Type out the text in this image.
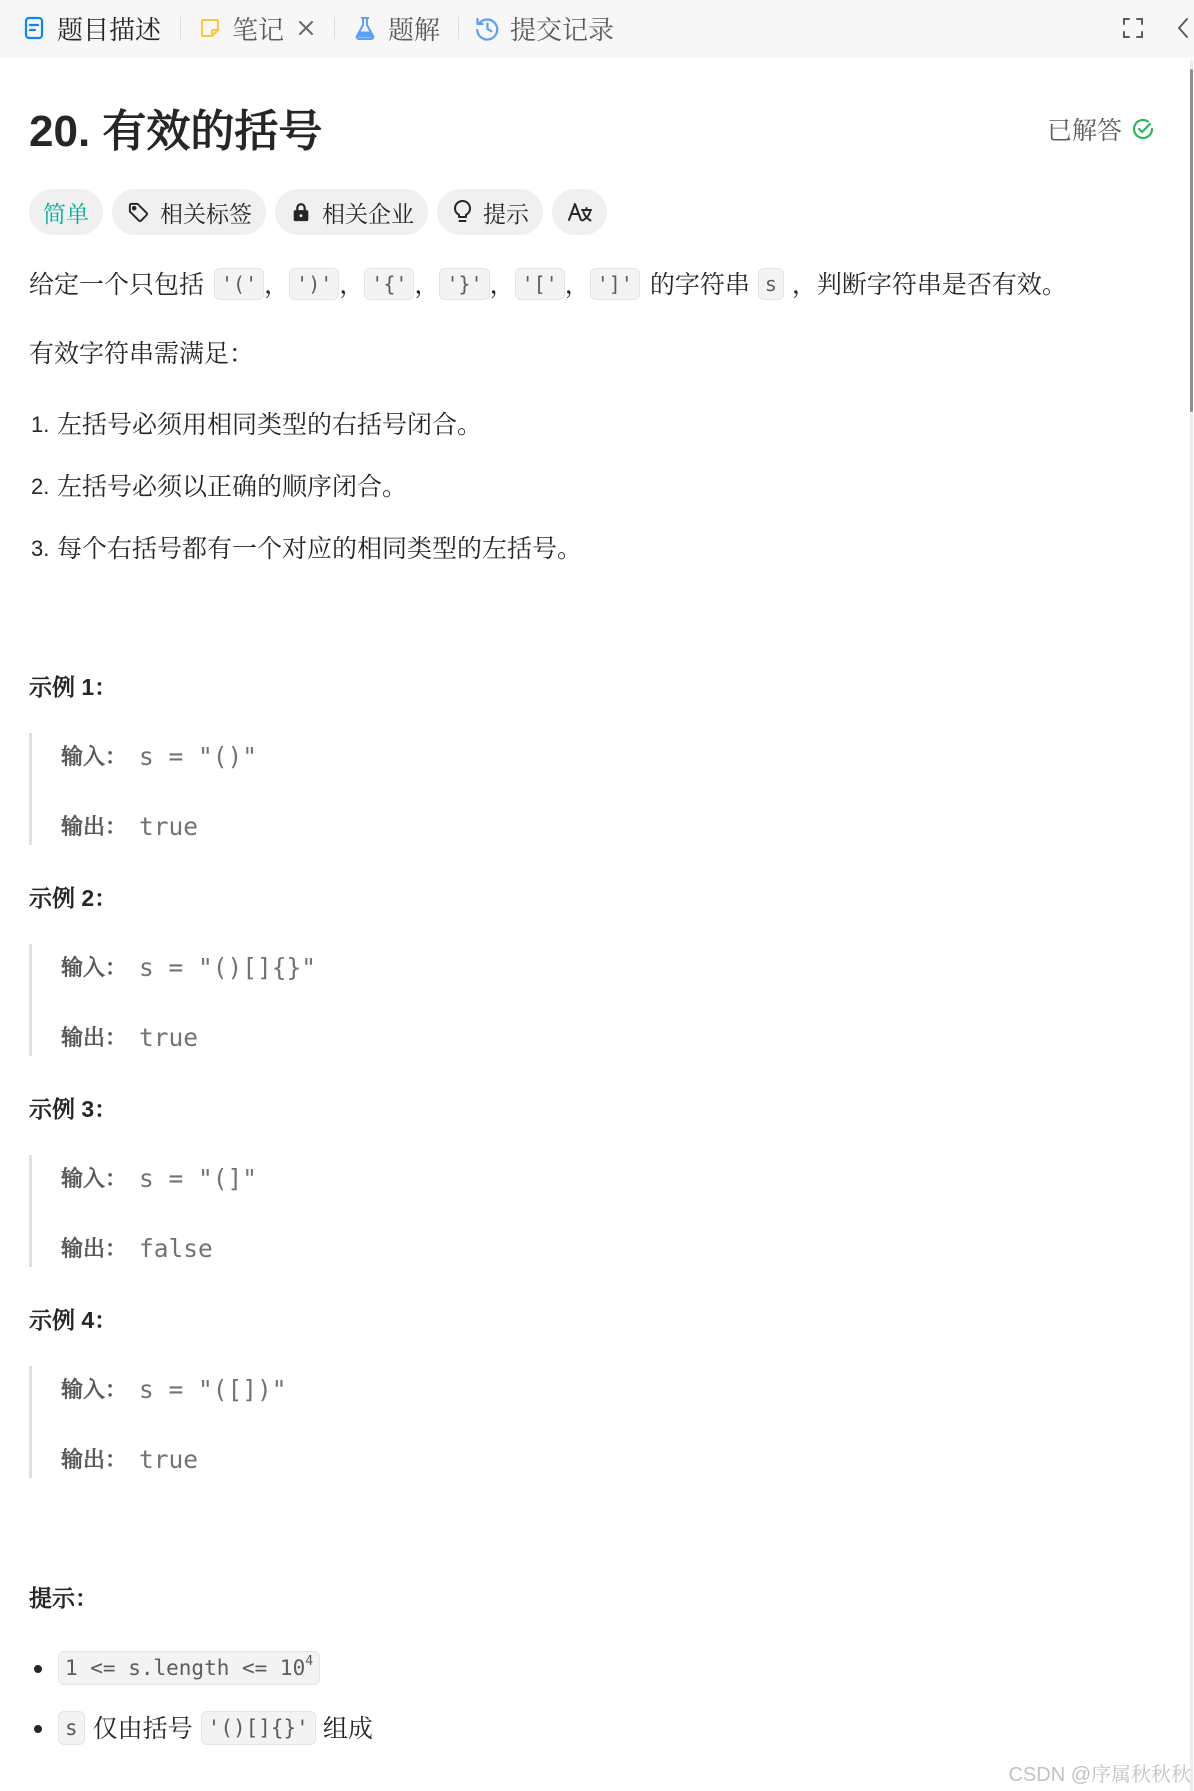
题目描述	笔记	题解	提交记录
20. 有效的括号	已解答
简单	相关标签	相关企业	提示
给定一个只包括 '(' ， ')' ， '{' ， '}' ， '[' ， ']' 的字符串 s ，判断字符串是否有效。
有效字符串需满足：
左括号必须用相同类型的右括号闭合。
左括号必须以正确的顺序闭合。
每个右括号都有一个对应的相同类型的左括号。
示例 1：
输入： s = "()"
输出： true
示例 2：
输入： s = "()[]{}"
输出： true
示例 3：
输入： s = "(]"
输出： false
示例 4：
输入： s = "([])"
输出： true
提示：
1 <= s.length <= $10^4$
s 仅由括号 '()[]{}' 组成
CSDN @序属秋秋秋
